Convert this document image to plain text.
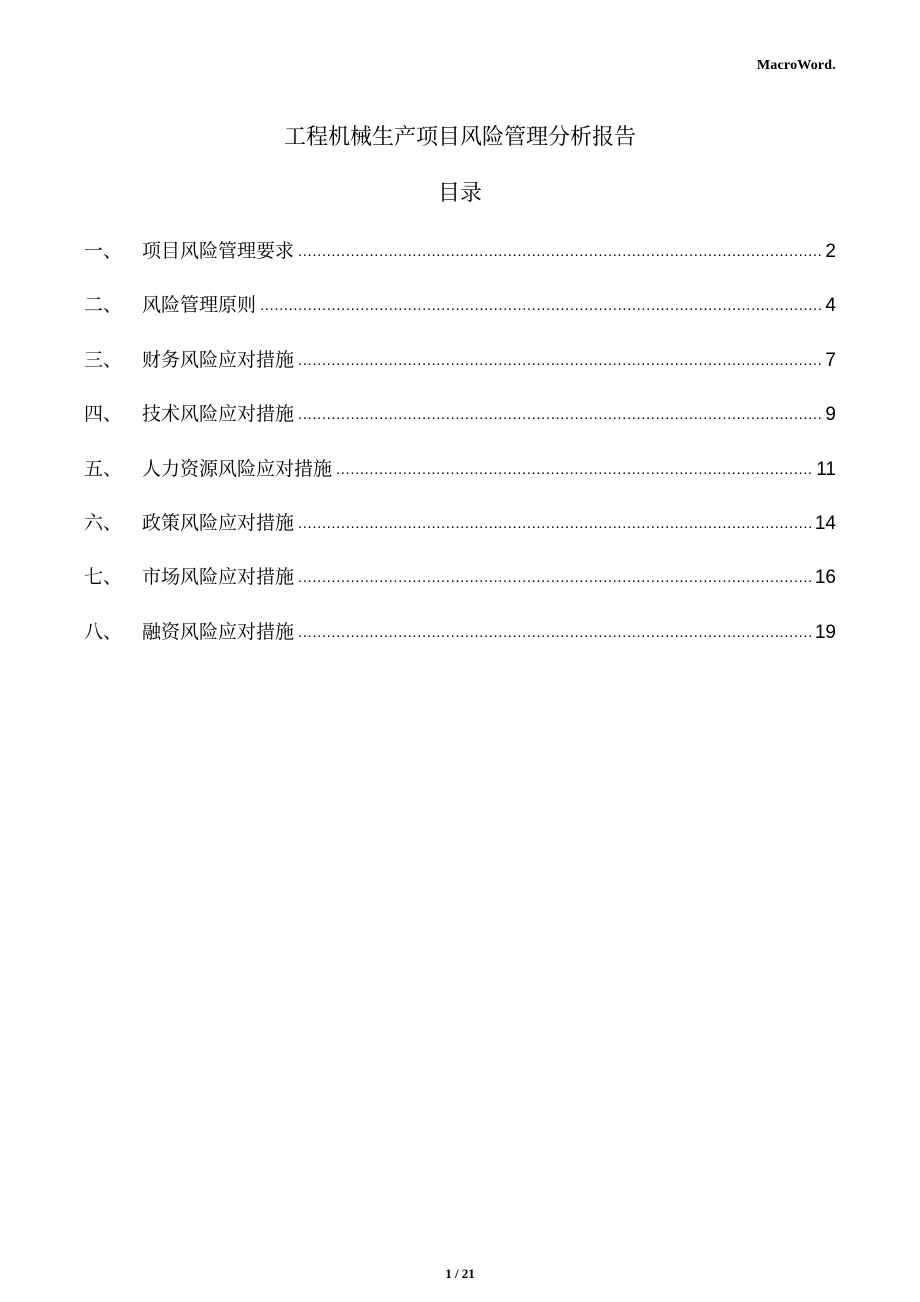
MacroWord.
工程机械生产项目风险管理分析报告
目录
一、	项目风险管理要求 .....	2
二、	风险管理原则 .....	4
三、	财务风险应对措施 .....	7
四、	技术风险应对措施 .....	9
五、	人力资源风险应对措施 .....	11
六、	政策风险应对措施 .....	14
七、	市场风险应对措施 .....	16
八、	融资风险应对措施 .....	19
1 / 21
